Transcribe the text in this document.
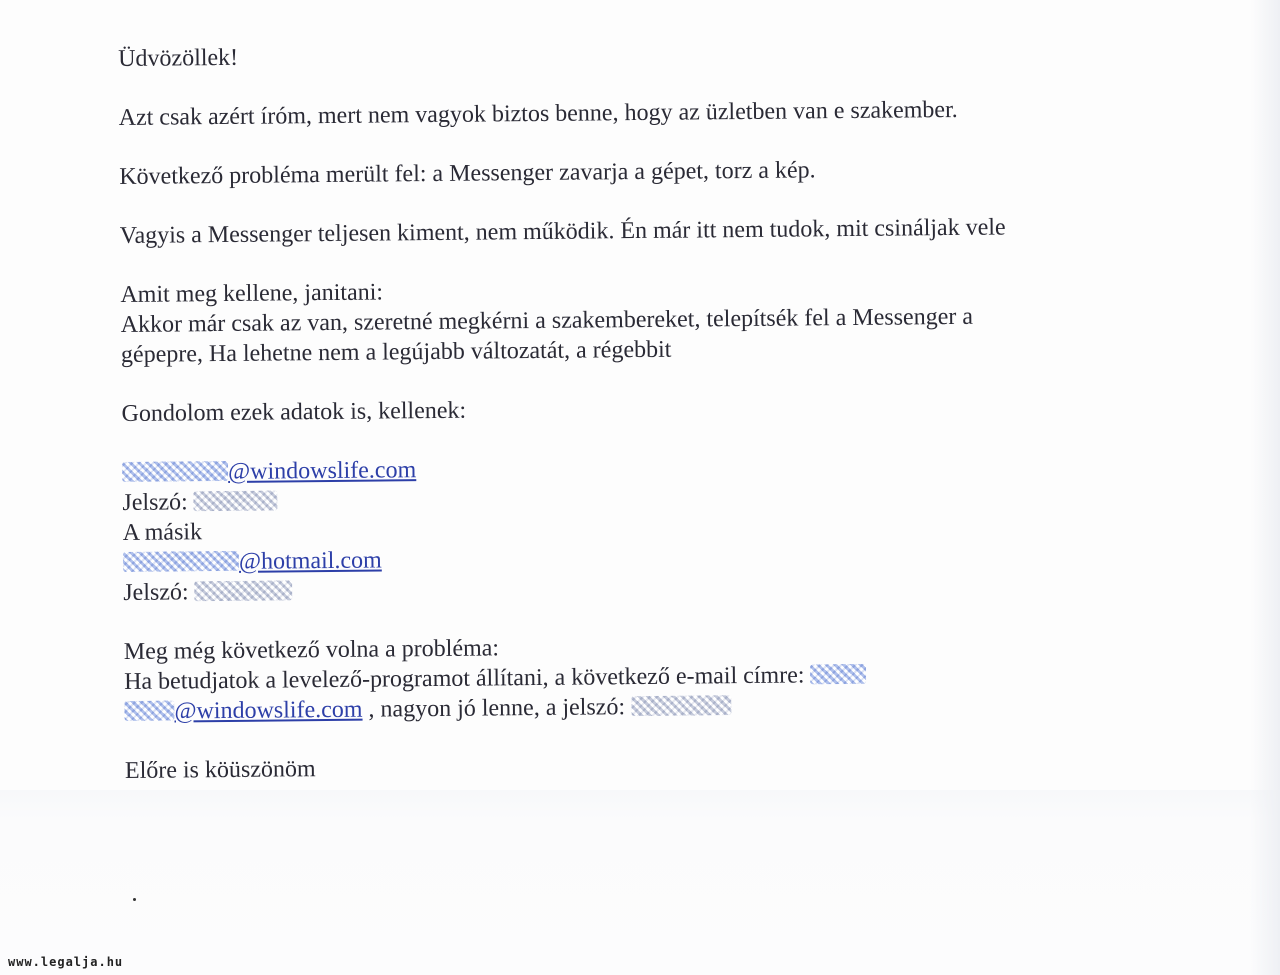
Üdvözöllek!
Azt csak azért íróm, mert nem vagyok biztos benne, hogy az üzletben van e szakember.
Következő probléma merült fel: a Messenger zavarja a gépet, torz a kép.
Vagyis a Messenger teljesen kiment, nem működik. Én már itt nem tudok, mit csináljak vele
Amit meg kellene, janitani:
Akkor már csak az van, szeretné megkérni a szakembereket, telepítsék fel a Messenger a
gépepre, Ha lehetne nem a legújabb változatát, a régebbit
Gondolom ezek adatok is, kellenek:
@windowslife.com
Jelszó:
A másik
@hotmail.com
Jelszó:
Meg még következő volna a probléma:
Ha betudjatok a levelező-programot állítani, a következő e-mail címre:
@windowslife.com , nagyon jó lenne, a jelszó:
Előre is köüszönöm
www.legalja.hu
